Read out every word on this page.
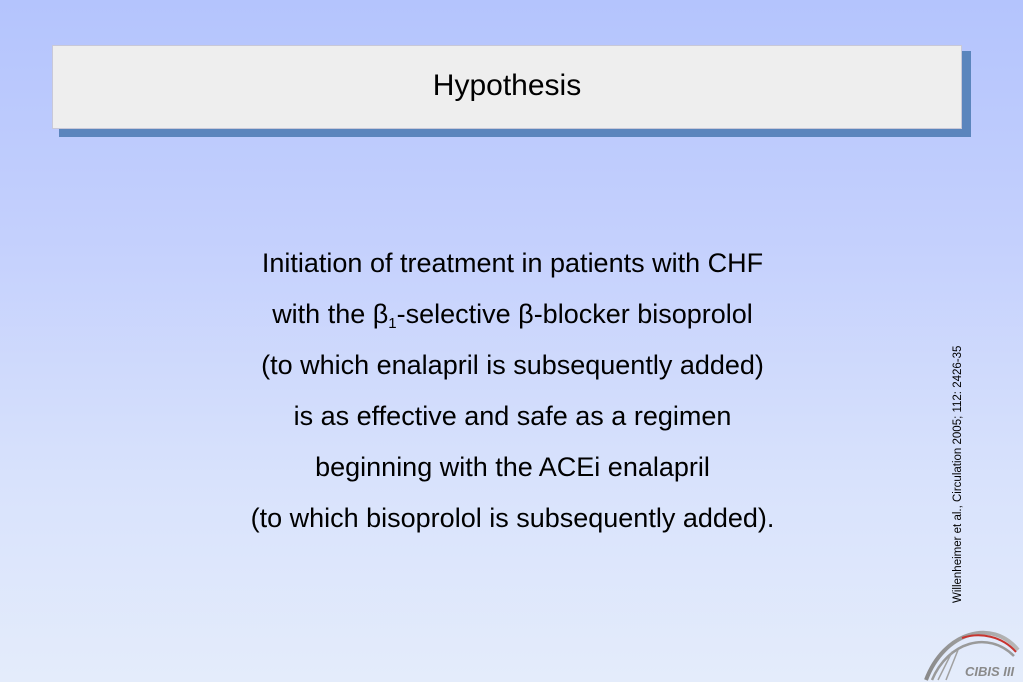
Hypothesis
Initiation of treatment in patients with CHF
with the $\beta_1$-selective β-blocker bisoprolol
(to which enalapril is subsequently added)
is as effective and safe as a regimen
beginning with the ACEi enalapril
(to which bisoprolol is subsequently added).	Willenheimer et al., Circulation 2005; 112: 2426-35
CIBIS III
